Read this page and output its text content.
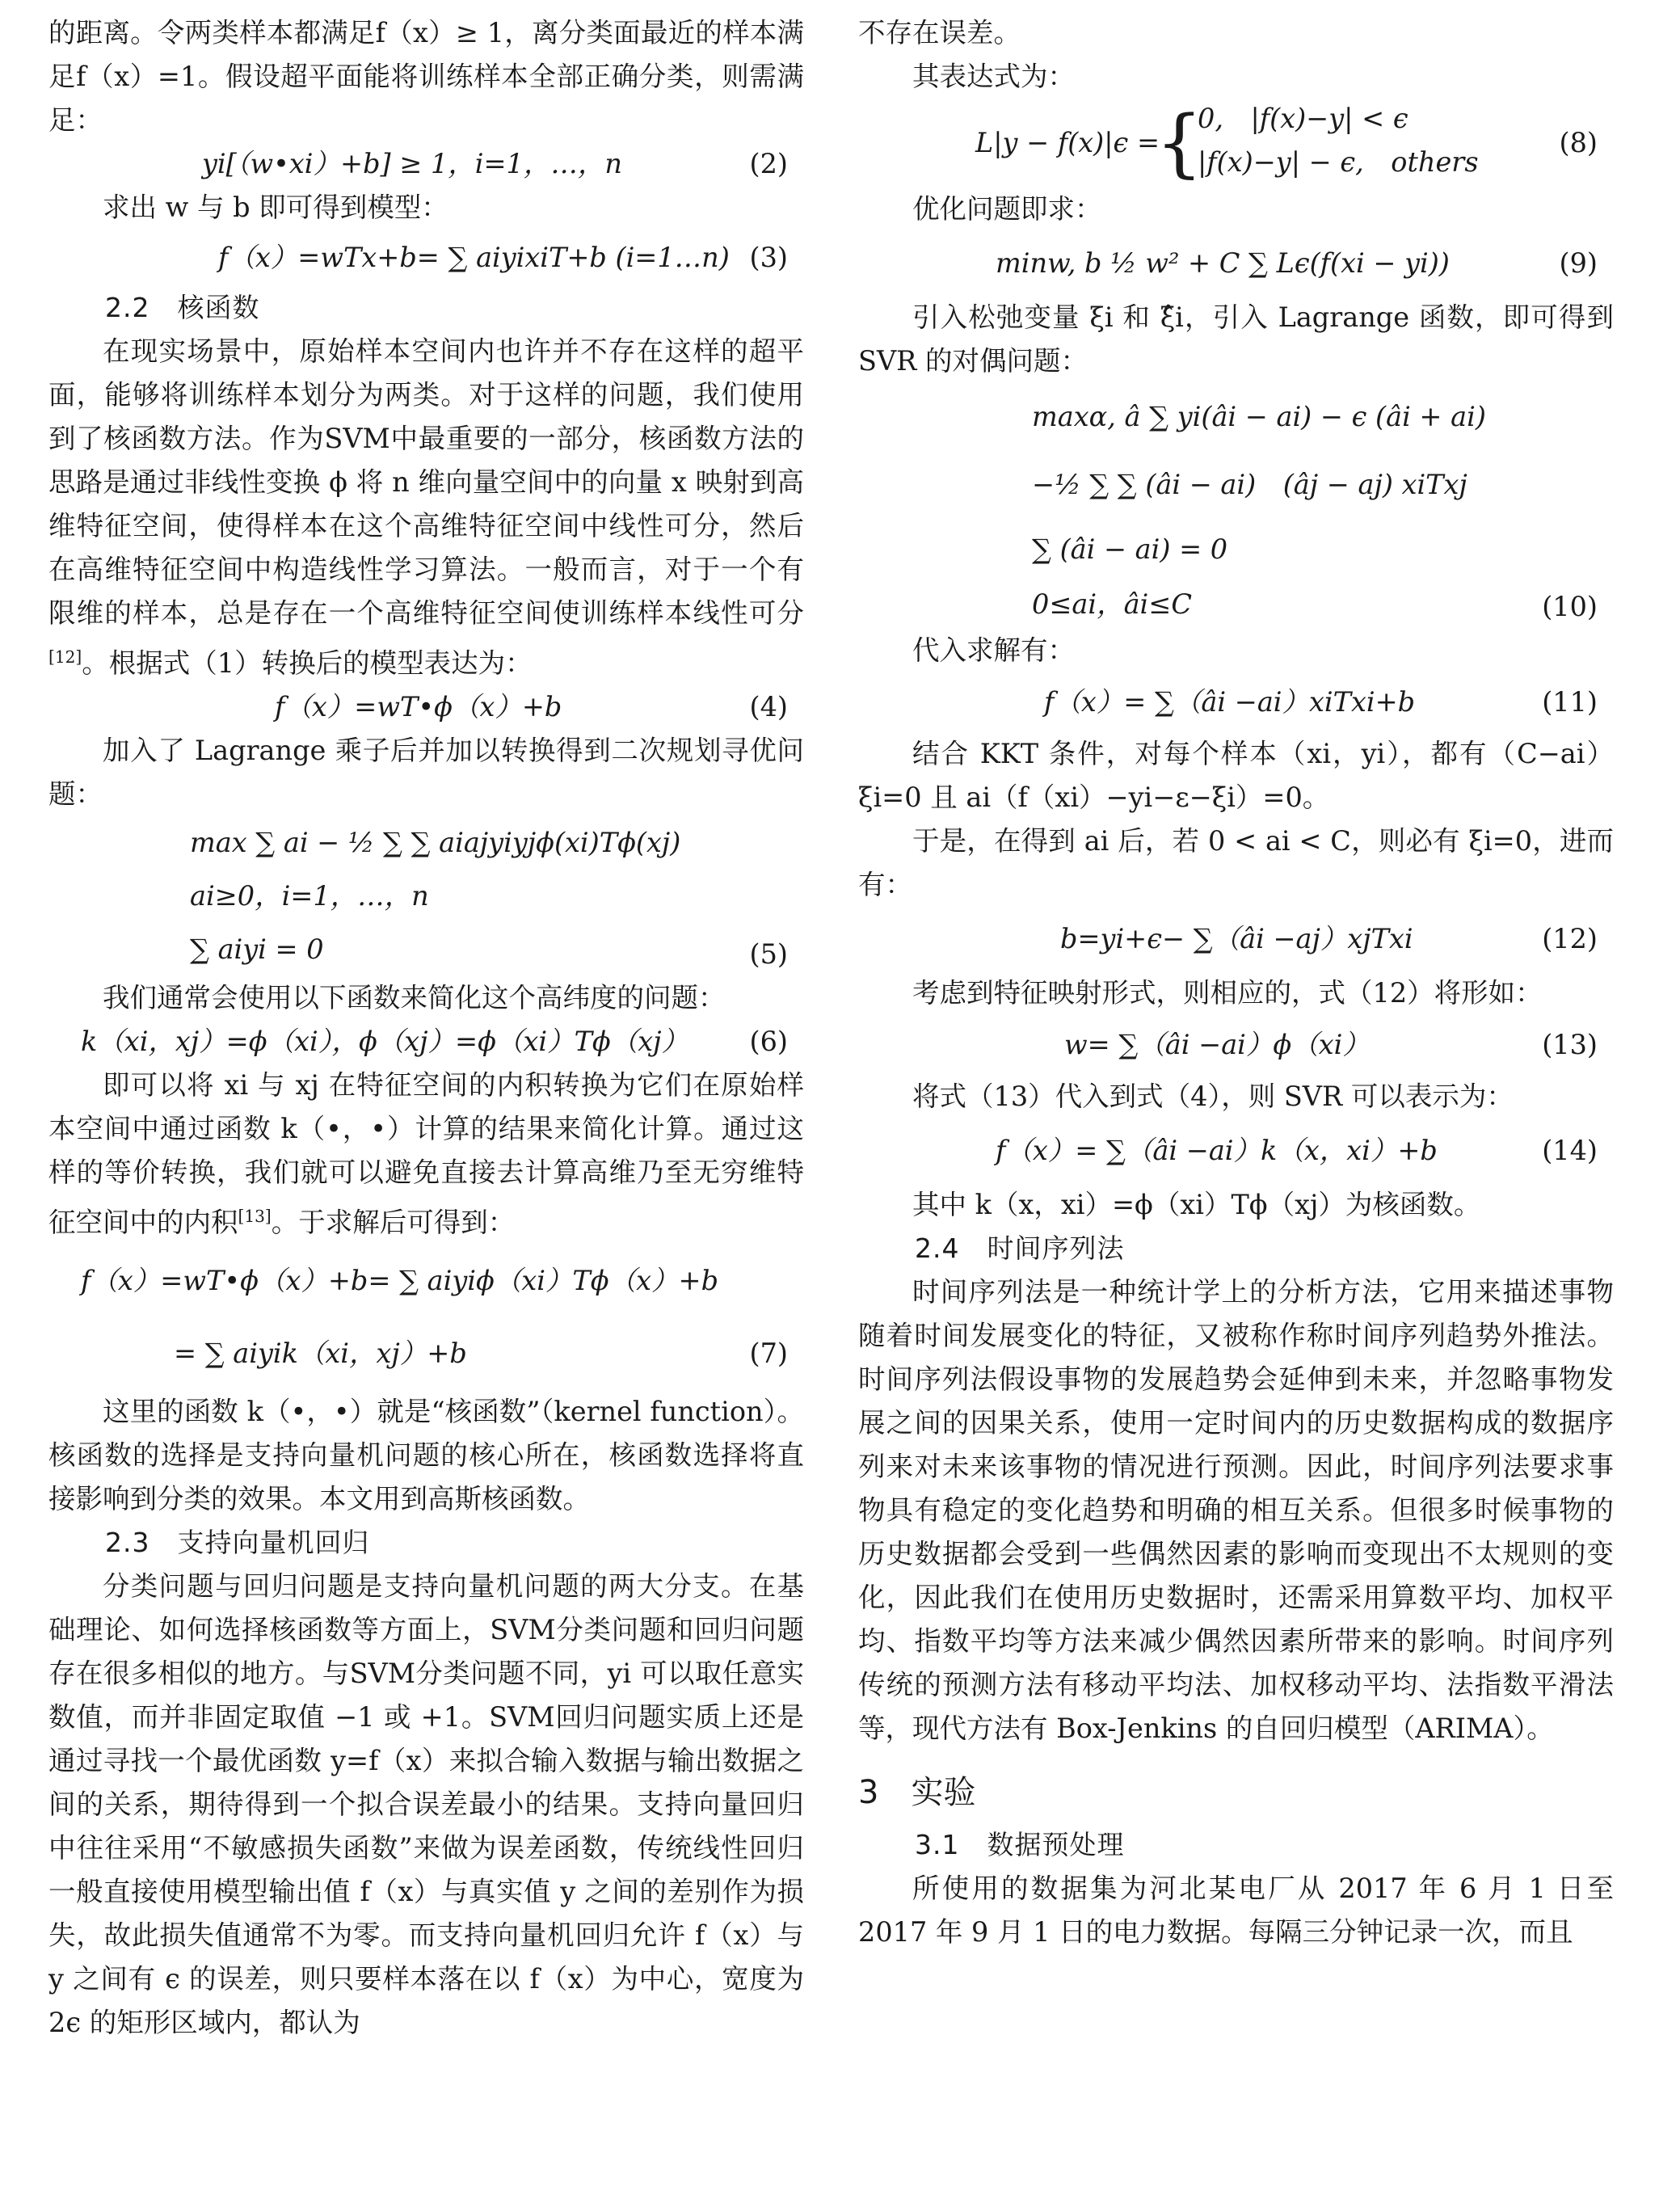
的距离。令两类样本都满足f（x）≥ 1，离分类面最近的样本满足f（x）=1。假设超平面能将训练样本全部正确分类，则需满足：

yi[（w•xi）+b] ≥ 1，i=1，…，n	(2)

求出 w 与 b 即可得到模型：

f（x）=wTx+b= ∑ aiyixiT+b (i=1…n) (3)

2.2　核函数

在现实场景中，原始样本空间内也许并不存在这样的超平面，能够将训练样本划分为两类。对于这样的问题，我们使用到了核函数方法。作为SVM中最重要的一部分，核函数方法的思路是通过非线性变换 ϕ 将 n 维向量空间中的向量 x 映射到高维特征空间，使得样本在这个高维特征空间中线性可分，然后在高维特征空间中构造线性学习算法。一般而言，对于一个有限维的样本，总是存在一个高维特征空间使训练样本线性可分[12]。根据式（1）转换后的模型表达为：

f（x）=wT•ϕ（x）+b	(4)

加入了 Lagrange 乘子后并加以转换得到二次规划寻优问题：

max ∑ ai − ½ ∑ ∑ aiajyiyjϕ(xi)Tϕ(xj)
ai≥0，i=1，…，n
∑ aiyi = 0	(5)

我们通常会使用以下函数来简化这个高纬度的问题：

k（xi，xj）=ϕ（xi），ϕ（xj）=ϕ（xi）Tϕ（xj）	(6)

即可以将 xi 与 xj 在特征空间的内积转换为它们在原始样本空间中通过函数 k（•，•）计算的结果来简化计算。通过这样的等价转换，我们就可以避免直接去计算高维乃至无穷维特征空间中的内积[13]。于求解后可得到：

f（x）=wT•ϕ（x）+b= ∑ aiyiϕ（xi）Tϕ（x）+b
= ∑ aiyik（xi，xj）+b	(7)

这里的函数 k（•，•）就是“核函数”（kernel function）。核函数的选择是支持向量机问题的核心所在，核函数选择将直接影响到分类的效果。本文用到高斯核函数。

2.3　支持向量机回归

分类问题与回归问题是支持向量机问题的两大分支。在基础理论、如何选择核函数等方面上，SVM分类问题和回归问题存在很多相似的地方。与SVM分类问题不同，yi 可以取任意实数值，而并非固定取值 −1 或 +1。SVM回归问题实质上还是通过寻找一个最优函数 y=f（x）来拟合输入数据与输出数据之间的关系，期待得到一个拟合误差最小的结果。支持向量回归中往往采用“不敏感损失函数”来做为误差函数，传统线性回归一般直接使用模型输出值 f（x）与真实值 y 之间的差别作为损失，故此损失值通常不为零。而支持向量机回归允许 f（x）与 y 之间有 ϵ 的误差，则只要样本落在以 f（x）为中心，宽度为 2ϵ 的矩形区域内，都认为

不存在误差。

其表达式为：

L|y − f(x)|ϵ =
{
0,　|f(x)−y| < ϵ
|f(x)−y| − ϵ,　others
(8)

优化问题即求：

minw, b ½ w² + C ∑ Lϵ(f(xi − yi))	(9)

引入松弛变量 ξi 和 ξ̂i，引入 Lagrange 函数，即可得到 SVR 的对偶问题：

maxα, â ∑ yi(âi − ai) − ϵ (âi + ai)
−½ ∑ ∑ (âi − ai)　(âj − aj) xiTxj
∑ (âi − ai) = 0
0≤ai，âi≤C	(10)

代入求解有：

f（x）= ∑（âi −ai）xiTxi+b	(11)

结合 KKT 条件，对每个样本（xi，yi），都有（C−ai）ξi=0 且 ai（f（xi）−yi−ε−ξi）=0。

于是，在得到 ai 后，若 0 < ai < C，则必有 ξi=0，进而有：

b=yi+ϵ− ∑（âi −aj）xjTxi	(12)

考虑到特征映射形式，则相应的，式（12）将形如：

w= ∑（âi −ai）ϕ（xi）	(13)

将式（13）代入到式（4），则 SVR 可以表示为：

f（x）= ∑（âi −ai）k（x，xi）+b	(14)

其中 k（x，xi）=ϕ（xi）Tϕ（xj）为核函数。

2.4　时间序列法

时间序列法是一种统计学上的分析方法，它用来描述事物随着时间发展变化的特征，又被称作称时间序列趋势外推法。时间序列法假设事物的发展趋势会延伸到未来，并忽略事物发展之间的因果关系，使用一定时间内的历史数据构成的数据序列来对未来该事物的情况进行预测。因此，时间序列法要求事物具有稳定的变化趋势和明确的相互关系。但很多时候事物的历史数据都会受到一些偶然因素的影响而变现出不太规则的变化，因此我们在使用历史数据时，还需采用算数平均、加权平均、指数平均等方法来减少偶然因素所带来的影响。时间序列传统的预测方法有移动平均法、加权移动平均、法指数平滑法等，现代方法有 Box-Jenkins 的自回归模型（ARIMA）。

3　实验

3.1　数据预处理

所使用的数据集为河北某电厂从 2017 年 6 月 1 日至 2017 年 9 月 1 日的电力数据。每隔三分钟记录一次，而且
